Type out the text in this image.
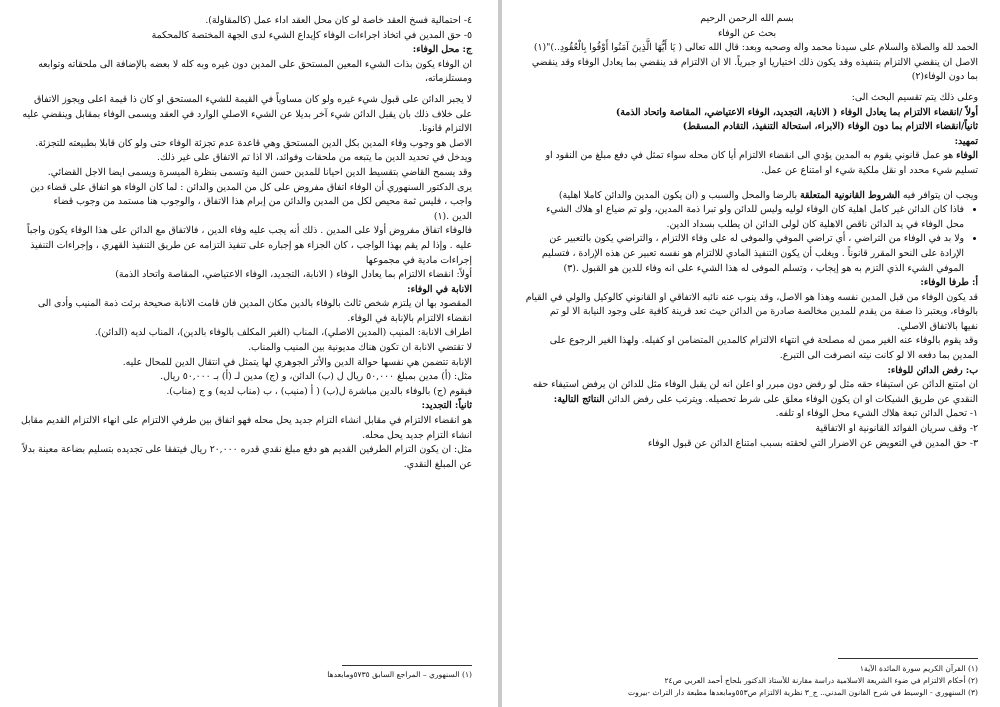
٤- احتمالية فسخ العقد خاصة لو كان محل العقد اداء عمل (كالمقاولة).
٥- حق المدين في اتخاذ اجراءات الوفاء كإيداع الشيء لدى الجهة المختصة كالمحكمة
ج: محل الوفاء:
ان الوفاء يكون بذات الشيء المعين المستحق على المدين دون غيره وبه كله لا بعضه بالإضافة الى ملحقاته وتوابعه
ومستلزماته،
لا يجبر الدائن على قبول شيء غيره ولو كان مساوياً في القيمة للشيء المستحق او كان ذا قيمة اعلى ويجوز الاتفاق
على خلاف ذلك بان يقبل الدائن شيء آخر بديلا عن الشيء الاصلي الوارد في العقد ويسمى الوفاء بمقابل وينقضي عليه
الالتزام قانونا.
الاصل هو وجوب وفاء المدين بكل الدين المستحق وهي قاعدة عدم تجزئة الوفاء حتى ولو كان قابلا بطبيعته للتجزئة.
ويدخل في تحديد الدين ما يتبعه من ملحقات وفوائد، الا اذا تم الاتفاق على غير ذلك.
وقد يسمح القاضي بتقسيط الدين احيانا للمدين حسن النية وتسمى بنظرة الميسرة ويسمى ايضا الاجل القضائي.
يرى الدكتور السنهوري أن الوفاء اتفاق مفروض على كل من المدين والدائن : لما كان الوفاء هو اتفاق على قضاء دين
واجب ، فليس ثمة محيص لكل من المدين والدائن من إبرام هذا الاتفاق ، والوجوب هنا مستمد من وجوب قضاء
الدين .(١)
فالوفاء اتفاق مفروض أولا على المدين . ذلك أنه يجب عليه وفاء الدين ، فالاتفاق مع الدائن على هذا الوفاء يكون واجباً
عليه . وإذا لم يقم بهذا الواجب ، كان الجزاء هو إجباره على تنفيذ التزامه عن طريق التنفيذ القهري ، وإجراءات التنفيذ
إجراءات مادية في مجموعها
أولاً: انقضاء الالتزام بما يعادل الوفاء ( الانابة، التجديد، الوفاء الاعتياضي، المقاصة واتحاد الذمة)
الانابة في الوفاء:
المقصود بها ان يلتزم شخص ثالث بالوفاء بالدين مكان المدين فان قامت الانابة صحيحة برئت ذمة المنيب وأدى الى
انقضاء الالتزام بالإنابة في الوفاء.
اطراف الانابة: المنيب (المدين الاصلي)، المناب (الغير المكلف بالوفاء بالدين)، المناب لديه (الدائن).
لا تقتضي الانابة ان تكون هناك مديونية بين المنيب والمناب.
الإنابة تتضمن هي نفسها حوالة الدين والأثر الجوهري لها يتمثل في انتقال الدين للمحال عليه.
مثل: (أ) مدين بمبلغ ٥٠,٠٠٠ ريال ل (ب) الدائن، و (ج) مدين لـ (أ) بـ ٥٠,٠٠٠ ريال.
فيقوم (ج) بالوفاء بالدين مباشرة ل(ب) ( أ (منيب) ، ب (مناب لديه) و ج (مناب).
ثانياً: التجديد:
هو انقضاء الالتزام في مقابل انشاء التزام جديد يحل محله فهو اتفاق بين طرفي الالتزام على انهاء الالتزام القديم مقابل
انشاء التزام جديد يحل محله.
مثل: ان يكون التزام الطرفين القديم هو دفع مبلغ نقدي قدره ٢٠,٠٠٠ ريال فيتفقا على تجديده بتسليم بضاعة معينة بدلاً
عن المبلغ النقدي.
(١) السنهوري – المراجع السابق ٥٧٣٥ومابعدها
بسم الله الرحمن الرحيم
بحث عن الوفاء
الحمد لله والصلاة والسلام على سيدنا محمد واله وصحبه وبعد: قال الله تعالى ( يَا أَيُّهَا الَّذِينَ آمَنُوا أَوْفُوا بِالْعُقُودِ..)"(١)
الاصل ان ينقضي الالتزام بتنفيذه وقد يكون ذلك اختياريا او جبرياً. الا ان الالتزام قد ينقضي بما يعادل الوفاء وقد ينقضي
بما دون الوفاء(٢)
وعلى ذلك يتم تقسيم البحث الى:
أولاً /انقضاء الالتزام بما يعادل الوفاء ( الانابة، التجديد، الوفاء الاعتياضي، المقاصة واتحاد الذمة)
ثانياً/انقضاء الالتزام بما دون الوفاء (الابراء، استحالة التنفيذ، التقادم المسقط)
تمهيد:
الوفاء هو عمل قانوني يقوم به المدين يؤدي الى انقضاء الالتزام أيا كان محله سواء تمثل في دفع مبلغ من النقود او
تسليم شيء محدد او نقل ملكية شيء او امتناع عن عمل.
ويجب ان يتوافر فيه الشروط القانونية المتعلقة بالرضا والمحل والسبب و (ان يكون المدين والدائن كاملا اهلية)
• فاذا كان الدائن غير كامل اهلية كان الوفاء لوليه وليس للدائن ولو تبرا ذمة المدين، ولو تم ضياع او هلاك الشيء
محل الوفاء في يد الدائن ناقص الاهلية كان لولى الدائن ان يطلب بسداد الدين.
• ولا بد في الوفاء من التراضي ، أي تراضي الموفي والموفى له على وفاء الالتزام ، والتراضي يكون بالتعبير عن
الإرادة على النحو المقرر قانوناً . ويغلب أن يكون التنفيذ المادي للالتزام هو نفسه تعبير عن هذه الإرادة ، فتسليم
الموفي الشيء الذي التزم به هو إيجاب ، وتسلم الموفى له هذا الشيء على انه وفاء للدين هو القبول .(٣)
أ: طرفا الوفاء:
قد يكون الوفاء من قبل المدين نفسه وهذا هو الاصل، وقد ينوب عنه نائبه الاتفاقي او القانوني كالوكيل والولي في القيام
بالوفاء، ويعتبر ذا صفة من يقدم للمدين مخالصة صادرة من الدائن حيث تعد قرينة كافية على وجود النيابة الا لو تم
نفيها بالاتفاق الاصلي.
وقد يقوم بالوفاء عنه الغير ممن له مصلحة في انتهاء الالتزام كالمدين المتضامن او كفيله. ولهذا الغير الرجوع على
المدين بما دفعه الا لو كانت نيته انصرفت الى التبرع.
ب: رفض الدائن للوفاء:
ان امتنع الدائن عن استيفاء حقه مثل لو رفض دون مبرر او اعلن انه لن يقبل الوفاء مثل للدائن ان يرفض استيفاء حقه
النقدي عن طريق الشيكات او ان يكون الوفاء معلق على شرط تحصيله. ويترتب على رفض الدائن النتائج التالية:
١- تحمل الدائن تبعة هلاك الشيء محل الوفاء او تلفه.
٢- وقف سريان الفوائد القانونية او الاتفاقية
٣- حق المدين في التعويض عن الاضرار التي لحقته بسبب امتناع الدائن عن قبول الوفاء
(١) القرآن الكريم سورة المائدة الآية١
(٢) أحكام الالتزام في ضوء الشريعة الاسلامية دراسة مقارنة للأستاذ الدكتور بلحاج أحمد العربي ص٢٤
(٣) السنهوري - الوسيط في شرح القانون المدني.. ج_٣ نظرية الالتزام ص٥٥٣ومابعدها مطبعة دار التراث -بيروت
